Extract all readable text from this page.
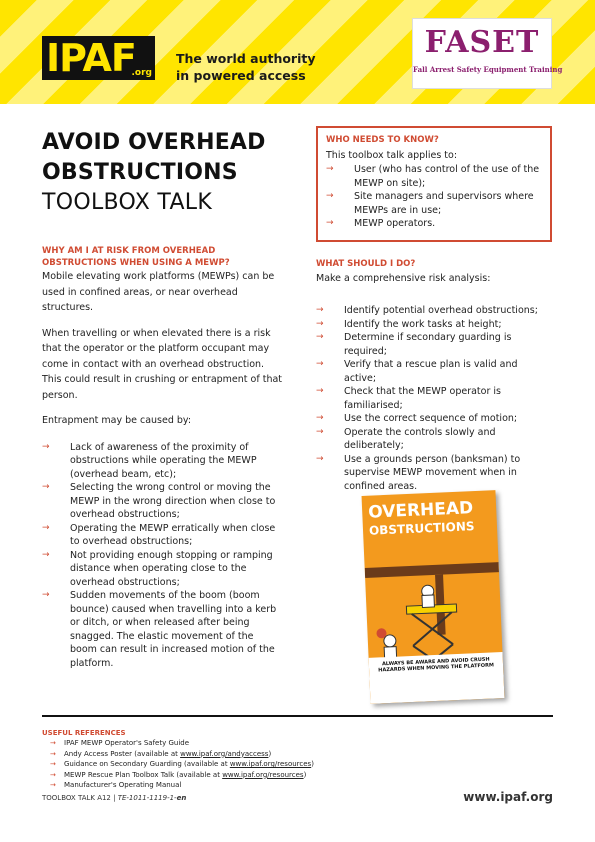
IPAF
.org
The world authority
in powered access
FASET
Fall Arrest Safety Equipment Training
AVOID OVERHEAD
OBSTRUCTIONS
TOOLBOX TALK
WHO NEEDS TO KNOW?
This toolbox talk applies to:
→ User (who has control of the use of the MEWP on site);
→ Site managers and supervisors where MEWPs are in use;
→ MEWP operators.
WHY AM I AT RISK FROM OVERHEAD
OBSTRUCTIONS WHEN USING A MEWP?
Mobile elevating work platforms (MEWPs) can be used in confined areas, or near overhead structures.
When travelling or when elevated there is a risk that the operator or the platform occupant may come in contact with an overhead obstruction. This could result in crushing or entrapment of that person.
Entrapment may be caused by:
→ Lack of awareness of the proximity of obstructions while operating the MEWP (overhead beam, etc);
→ Selecting the wrong control or moving the MEWP in the wrong direction when close to overhead obstructions;
→ Operating the MEWP erratically when close to overhead obstructions;
→ Not providing enough stopping or ramping distance when operating close to the overhead obstructions;
→ Sudden movements of the boom (boom bounce) caused when travelling into a kerb or ditch, or when released after being snagged. The elastic movement of the boom can result in increased motion of the platform.
WHAT SHOULD I DO?
Make a comprehensive risk analysis:
→ Identify potential overhead obstructions;
→ Identify the work tasks at height;
→ Determine if secondary guarding is required;
→ Verify that a rescue plan is valid and active;
→ Check that the MEWP operator is familiarised;
→ Use the correct sequence of motion;
→ Operate the controls slowly and deliberately;
→ Use a grounds person (banksman) to supervise MEWP movement when in confined areas.
OVERHEAD
OBSTRUCTIONS
ALWAYS BE AWARE AND AVOID CRUSH HAZARDS WHEN MOVING THE PLATFORM
USEFUL REFERENCES
→ IPAF MEWP Operator's Safety Guide
→ Andy Access Poster (available at www.ipaf.org/andyaccess)
→ Guidance on Secondary Guarding (available at www.ipaf.org/resources)
→ MEWP Rescue Plan Toolbox Talk (available at www.ipaf.org/resources)
→ Manufacturer's Operating Manual
TOOLBOX TALK A12 | TE-1011-1119-1-en	www.ipaf.org
